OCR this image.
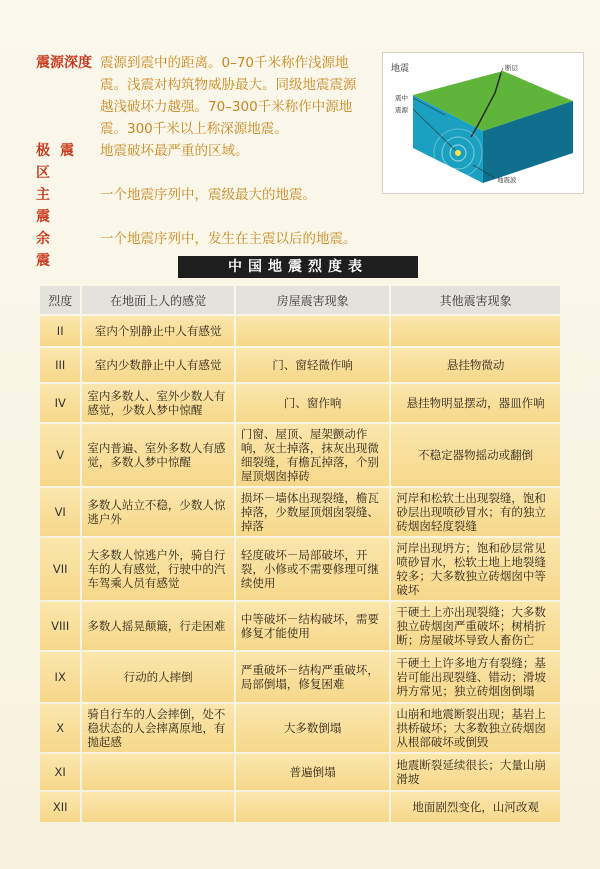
震源深度 震源到震中的距离。0–70千米称作浅源地震。浅震对构筑物威胁最大。同级地震震源越浅破坏力越强。70–300千米称作中源地震。300千米以上称深源地震。
极震区
地震破坏最严重的区域。
主震
一个地震序列中，震级最大的地震。
余震
一个地震序列中，发生在主震以后的地震。
地震
震中
震源
断层
地震波
中国地震烈度表
烈度	在地面上人的感觉	房屋震害现象	其他震害现象
II	室内个别静止中人有感觉		
III	室内少数静止中人有感觉	门、窗轻微作响	悬挂物微动
IV	室内多数人、室外少数人有感觉，少数人梦中惊醒	门、窗作响	悬挂物明显摆动，器皿作响
V	室内普遍、室外多数人有感觉，多数人梦中惊醒	门窗、屋顶、屋架颤动作响，灰土掉落，抹灰出现微细裂缝，有檐瓦掉落，个别屋顶烟囱掉砖	不稳定器物摇动或翻倒
VI	多数人站立不稳，少数人惊逃户外	损坏－墙体出现裂缝，檐瓦掉落，少数屋顶烟囱裂缝、掉落	河岸和松软土出现裂缝，饱和砂层出现喷砂冒水；有的独立砖烟囱轻度裂缝
VII	大多数人惊逃户外，骑自行车的人有感觉，行驶中的汽车驾乘人员有感觉	轻度破坏－局部破坏，开裂，小修或不需要修理可继续使用	河岸出现坍方；饱和砂层常见喷砂冒水，松软土地上地裂缝较多；大多数独立砖烟囱中等破坏
VIII	多数人摇晃颠簸，行走困难	中等破坏－结构破坏，需要修复才能使用	干硬土上亦出现裂缝；大多数独立砖烟囱严重破坏；树梢折断；房屋破坏导致人畜伤亡
IX	行动的人摔倒	严重破坏－结构严重破坏，局部倒塌，修复困难	干硬土上许多地方有裂缝；基岩可能出现裂缝、错动；滑坡坍方常见；独立砖烟囱倒塌
X	骑自行车的人会摔倒，处不稳状态的人会摔离原地，有抛起感	大多数倒塌	山崩和地震断裂出现；基岩上拱桥破坏；大多数独立砖烟囱从根部破坏或倒毁
XI		普遍倒塌	地震断裂延续很长；大量山崩滑坡
XII			地面剧烈变化，山河改观
